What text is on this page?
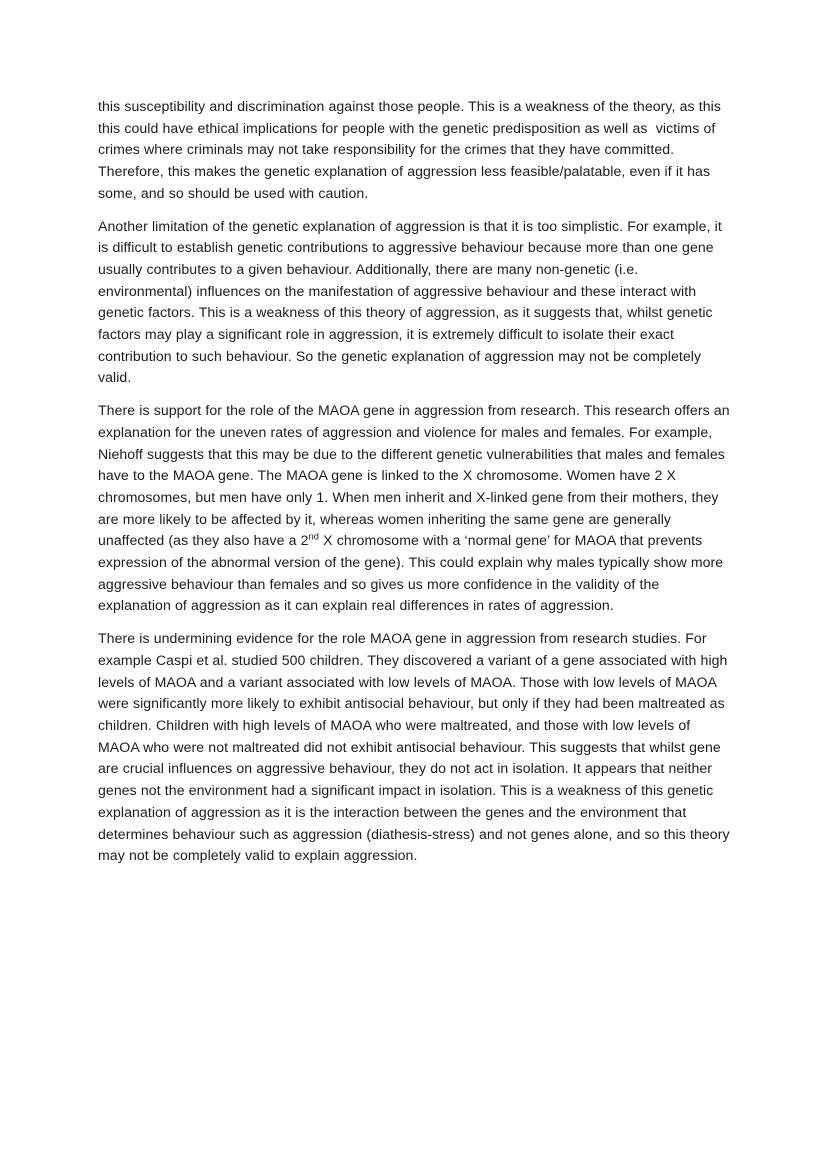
this susceptibility and discrimination against those people. This is a weakness of the theory, as this this could have ethical implications for people with the genetic predisposition as well as  victims of crimes where criminals may not take responsibility for the crimes that they have committed. Therefore, this makes the genetic explanation of aggression less feasible/palatable, even if it has some, and so should be used with caution.

Another limitation of the genetic explanation of aggression is that it is too simplistic. For example, it is difficult to establish genetic contributions to aggressive behaviour because more than one gene usually contributes to a given behaviour. Additionally, there are many non-genetic (i.e. environmental) influences on the manifestation of aggressive behaviour and these interact with genetic factors. This is a weakness of this theory of aggression, as it suggests that, whilst genetic factors may play a significant role in aggression, it is extremely difficult to isolate their exact contribution to such behaviour. So the genetic explanation of aggression may not be completely valid.

There is support for the role of the MAOA gene in aggression from research. This research offers an explanation for the uneven rates of aggression and violence for males and females. For example, Niehoff suggests that this may be due to the different genetic vulnerabilities that males and females have to the MAOA gene. The MAOA gene is linked to the X chromosome. Women have 2 X chromosomes, but men have only 1. When men inherit and X-linked gene from their mothers, they are more likely to be affected by it, whereas women inheriting the same gene are generally unaffected (as they also have a 2nd X chromosome with a ‘normal gene’ for MAOA that prevents expression of the abnormal version of the gene). This could explain why males typically show more aggressive behaviour than females and so gives us more confidence in the validity of the explanation of aggression as it can explain real differences in rates of aggression.

There is undermining evidence for the role MAOA gene in aggression from research studies. For example Caspi et al. studied 500 children. They discovered a variant of a gene associated with high levels of MAOA and a variant associated with low levels of MAOA. Those with low levels of MAOA were significantly more likely to exhibit antisocial behaviour, but only if they had been maltreated as children. Children with high levels of MAOA who were maltreated, and those with low levels of MAOA who were not maltreated did not exhibit antisocial behaviour. This suggests that whilst gene are crucial influences on aggressive behaviour, they do not act in isolation. It appears that neither genes not the environment had a significant impact in isolation. This is a weakness of this genetic explanation of aggression as it is the interaction between the genes and the environment that determines behaviour such as aggression (diathesis-stress) and not genes alone, and so this theory may not be completely valid to explain aggression.
